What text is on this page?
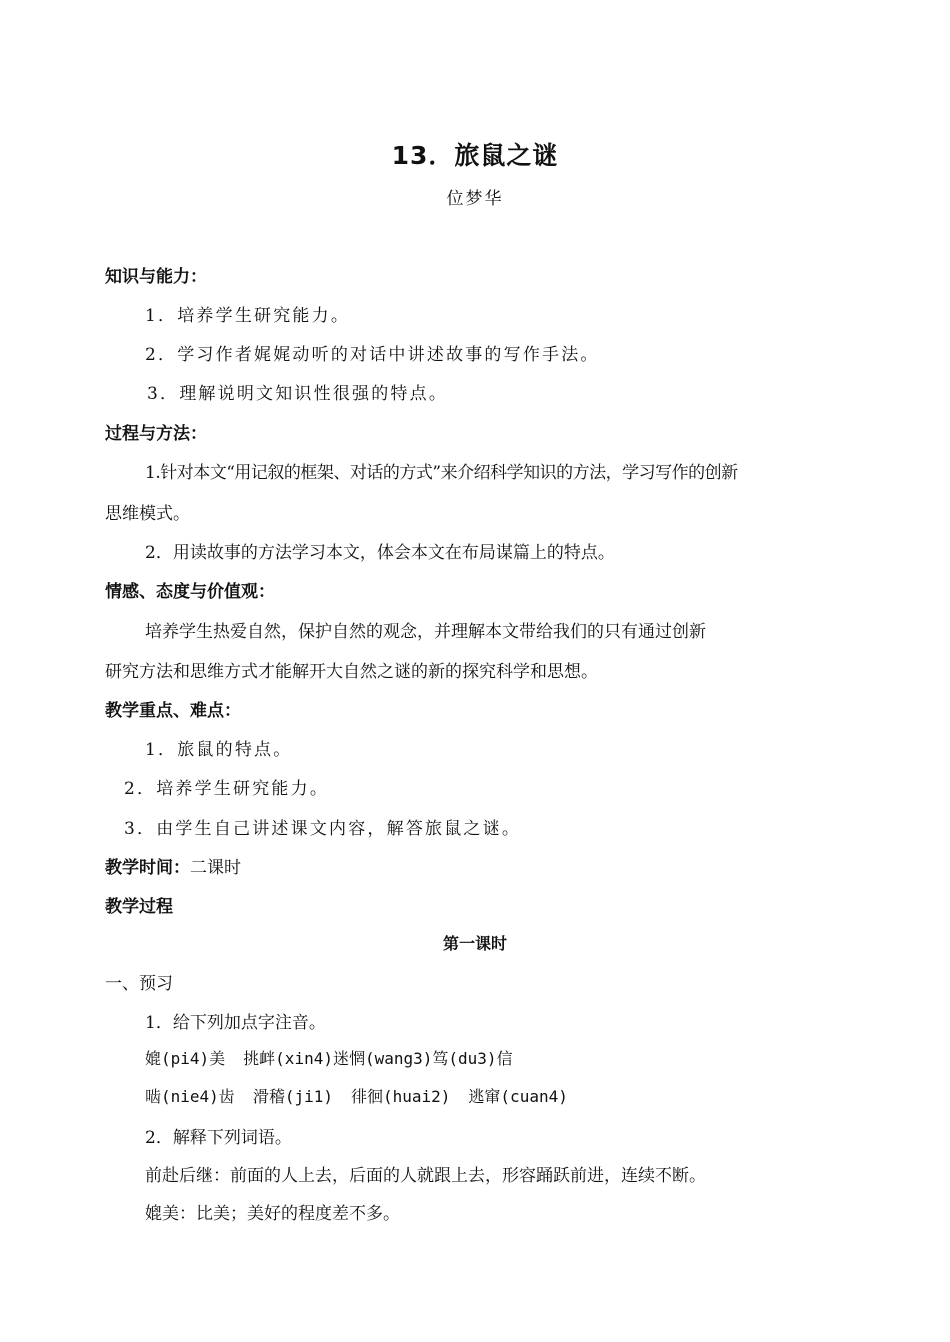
13．旅鼠之谜
位梦华
知识与能力：
1．培养学生研究能力。
2．学习作者娓娓动听的对话中讲述故事的写作手法。
3．理解说明文知识性很强的特点。
过程与方法：
1.针对本文“用记叙的框架、对话的方式”来介绍科学知识的方法，学习写作的创新
思维模式。
2．用读故事的方法学习本文，体会本文在布局谋篇上的特点。
情感、态度与价值观：
培养学生热爱自然，保护自然的观念，并理解本文带给我们的只有通过创新
研究方法和思维方式才能解开大自然之谜的新的探究科学和思想。
教学重点、难点：
1．旅鼠的特点。
2．培养学生研究能力。
3．由学生自己讲述课文内容，解答旅鼠之谜。
教学时间：二课时
教学过程
第一课时
一、预习
1．给下列加点字注音。
媲(pi4)美 挑衅(xin4)迷惘(wang3)笃(du3)信
啮(nie4)齿 滑稽(ji1) 徘徊(huai2) 逃窜(cuan4)
2．解释下列词语。
前赴后继：前面的人上去，后面的人就跟上去，形容踊跃前进，连续不断。
媲美：比美；美好的程度差不多。
